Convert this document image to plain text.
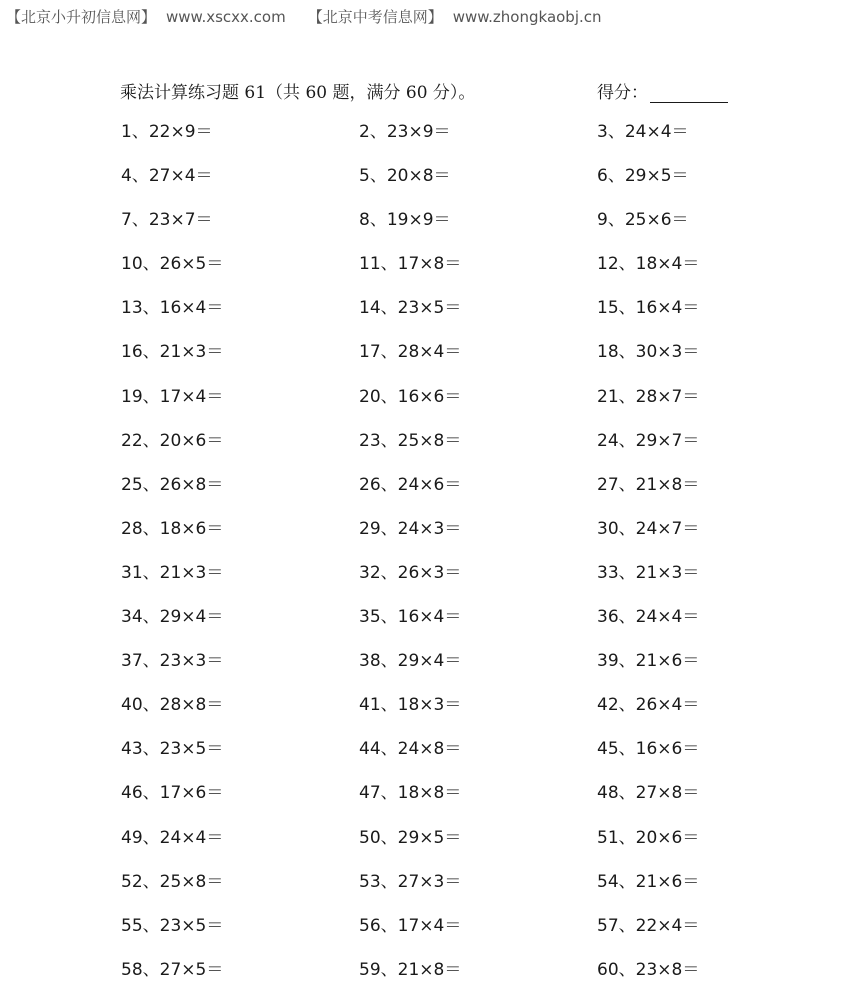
【北京小升初信息网】 www.xscxx.com 【北京中考信息网】 www.zhongkaobj.cn
乘法计算练习题 61（共 60 题，满分 60 分）。	得分：
1、22×9＝	2、23×9＝	3、24×4＝
4、27×4＝	5、20×8＝	6、29×5＝
7、23×7＝	8、19×9＝	9、25×6＝
10、26×5＝	11、17×8＝	12、18×4＝
13、16×4＝	14、23×5＝	15、16×4＝
16、21×3＝	17、28×4＝	18、30×3＝
19、17×4＝	20、16×6＝	21、28×7＝
22、20×6＝	23、25×8＝	24、29×7＝
25、26×8＝	26、24×6＝	27、21×8＝
28、18×6＝	29、24×3＝	30、24×7＝
31、21×3＝	32、26×3＝	33、21×3＝
34、29×4＝	35、16×4＝	36、24×4＝
37、23×3＝	38、29×4＝	39、21×6＝
40、28×8＝	41、18×3＝	42、26×4＝
43、23×5＝	44、24×8＝	45、16×6＝
46、17×6＝	47、18×8＝	48、27×8＝
49、24×4＝	50、29×5＝	51、20×6＝
52、25×8＝	53、27×3＝	54、21×6＝
55、23×5＝	56、17×4＝	57、22×4＝
58、27×5＝	59、21×8＝	60、23×8＝
